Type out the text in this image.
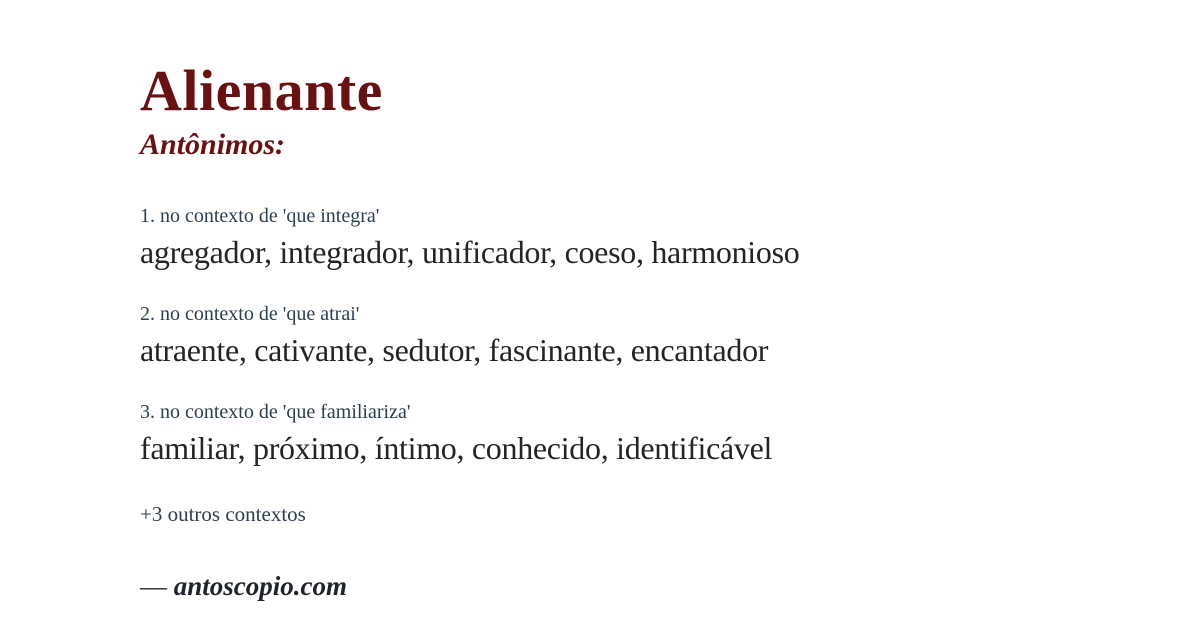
Alienante
Antônimos:
1. no contexto de 'que integra'
agregador, integrador, unificador, coeso, harmonioso
2. no contexto de 'que atrai'
atraente, cativante, sedutor, fascinante, encantador
3. no contexto de 'que familiariza'
familiar, próximo, íntimo, conhecido, identificável
+3 outros contextos
— antoscopio.com
